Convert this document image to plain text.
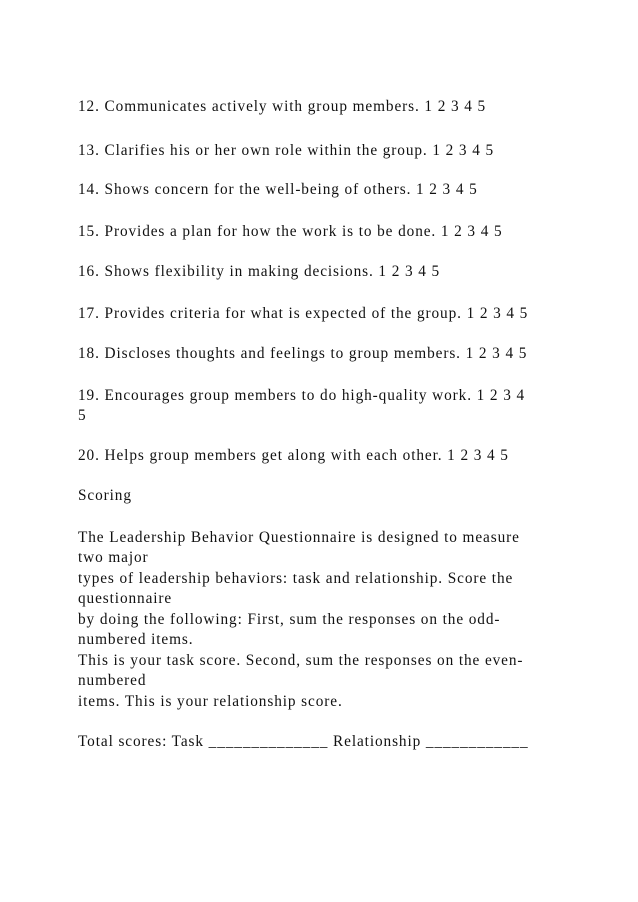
12. Communicates actively with group members. 1 2 3 4 5

13. Clarifies his or her own role within the group. 1 2 3 4 5

14. Shows concern for the well-being of others. 1 2 3 4 5

15. Provides a plan for how the work is to be done. 1 2 3 4 5

16. Shows flexibility in making decisions. 1 2 3 4 5

17. Provides criteria for what is expected of the group. 1 2 3 4 5

18. Discloses thoughts and feelings to group members. 1 2 3 4 5

19. Encourages group members to do high-quality work. 1 2 3 4

5

20. Helps group members get along with each other. 1 2 3 4 5

Scoring

The Leadership Behavior Questionnaire is designed to measure

two major

types of leadership behaviors: task and relationship. Score the

questionnaire

by doing the following: First, sum the responses on the odd-

numbered items.

This is your task score. Second, sum the responses on the even-

numbered

items. This is your relationship score.

Total scores: Task ______________ Relationship ____________
